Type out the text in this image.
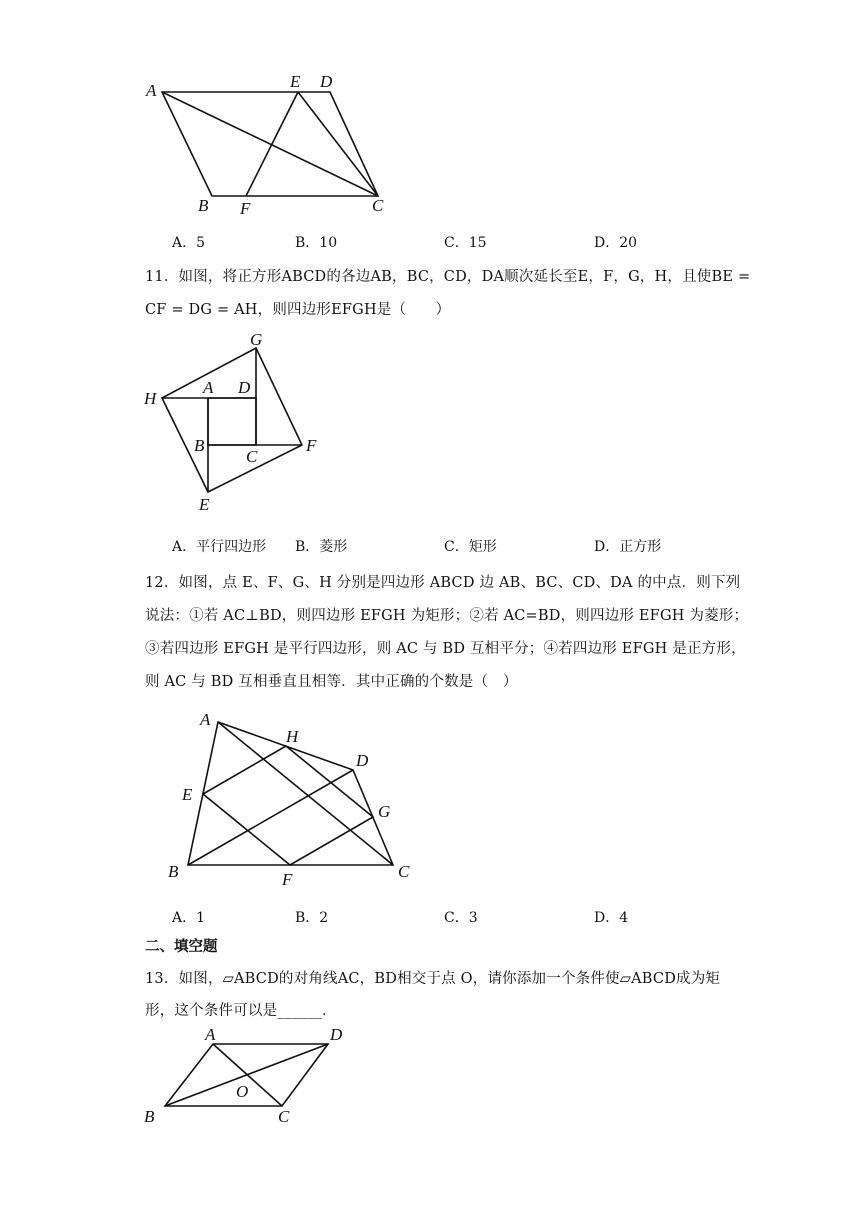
A	E D
B F	C
A．5	B．10	C．15	D．20
11．如图，将正方形ABCD的各边AB，BC，CD，DA顺次延长至E，F，G，H，且使BE =
CF = DG = AH，则四边形EFGH是（　　）
G
H
A D
B
C
F
E
A．平行四边形 B．菱形	C．矩形	D．正方形
12．如图，点 E、F、G、H 分别是四边形 ABCD 边 AB、BC、CD、DA 的中点．则下列
说法：①若 AC⊥BD，则四边形 EFGH 为矩形；②若 AC=BD，则四边形 EFGH 为菱形；
③若四边形 EFGH 是平行四边形，则 AC 与 BD 互相平分；④若四边形 EFGH 是正方形，
则 AC 与 BD 互相垂直且相等．其中正确的个数是（　）
A
H
D
E
G
B	F	C
A．1	B．2	C．3	D．4
二、填空题
13．如图，▱ABCD的对角线AC，BD相交于点 O，请你添加一个条件使▱ABCD成为矩
形，这个条件可以是______．
A	D
O
B	C
